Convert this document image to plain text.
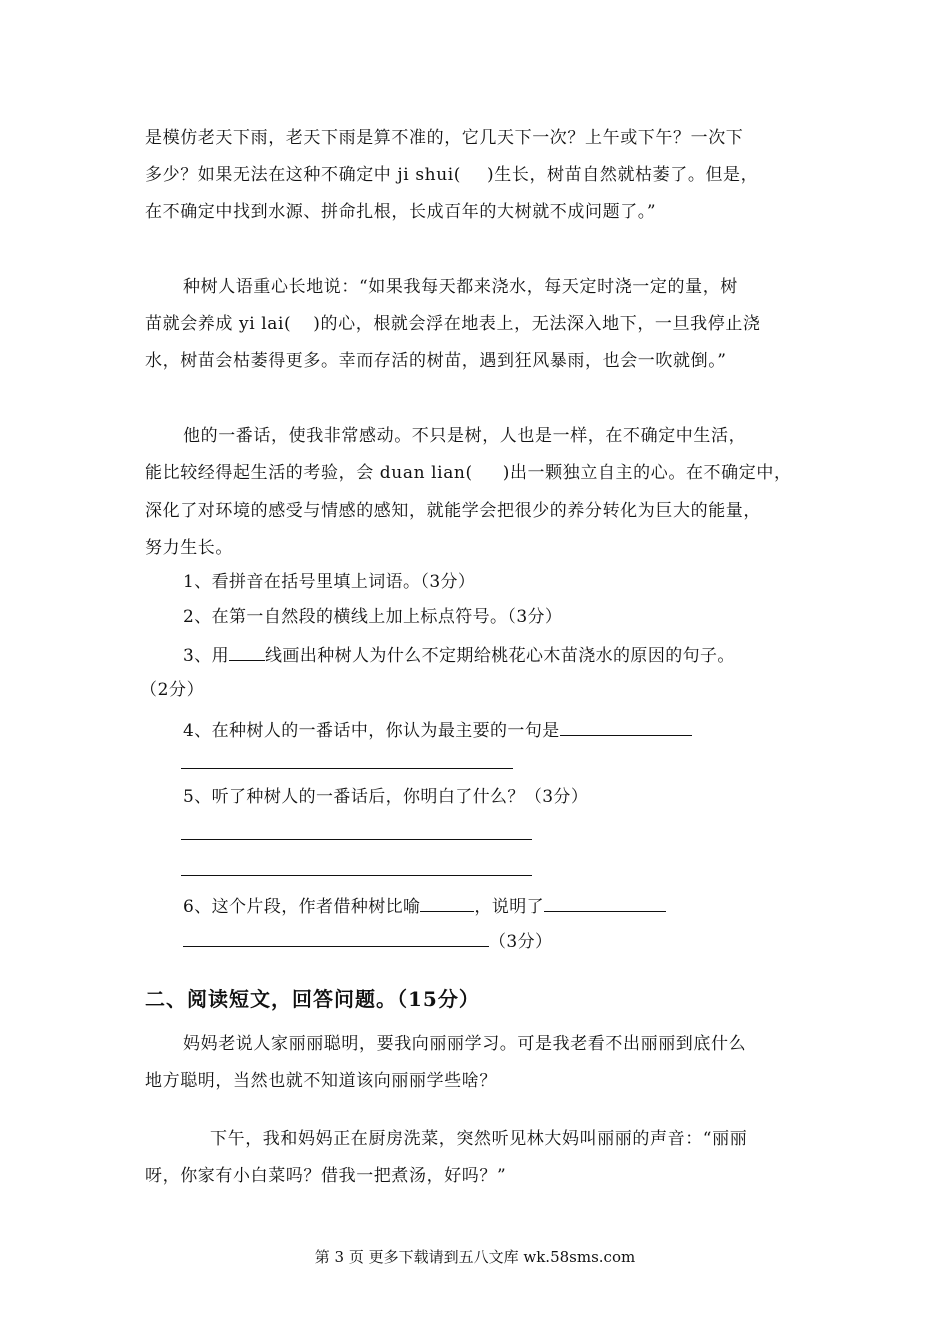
是模仿老天下雨，老天下雨是算不准的，它几天下一次？上午或下午？一次下
多少？如果无法在这种不确定中 ji shui( )生长，树苗自然就枯萎了。但是，
在不确定中找到水源、拼命扎根，长成百年的大树就不成问题了。”
种树人语重心长地说：“如果我每天都来浇水，每天定时浇一定的量，树
苗就会养成 yi lai( )的心，根就会浮在地表上，无法深入地下，一旦我停止浇
水，树苗会枯萎得更多。幸而存活的树苗，遇到狂风暴雨，也会一吹就倒。”
他的一番话，使我非常感动。不只是树，人也是一样，在不确定中生活，
能比较经得起生活的考验，会 duan lian( )出一颗独立自主的心。在不确定中，
深化了对环境的感受与情感的感知，就能学会把很少的养分转化为巨大的能量，
努力生长。
1、看拼音在括号里填上词语。（3分）
2、在第一自然段的横线上加上标点符号。（3分）
3、用 线画出种树人为什么不定期给桃花心木苗浇水的原因的句子。
（2分）
4、在种树人的一番话中，你认为最主要的一句是
5、听了种树人的一番话后，你明白了什么？（3分）
6、这个片段，作者借种树比喻	，说明了
（3分）
二、阅读短文，回答问题。（15分）
妈妈老说人家丽丽聪明，要我向丽丽学习。可是我老看不出丽丽到底什么
地方聪明，当然也就不知道该向丽丽学些啥？
下午，我和妈妈正在厨房洗菜，突然听见林大妈叫丽丽的声音：“丽丽
呀，你家有小白菜吗？借我一把煮汤，好吗？”
第 3 页 更多下载请到五八文库 wk.58sms.com
